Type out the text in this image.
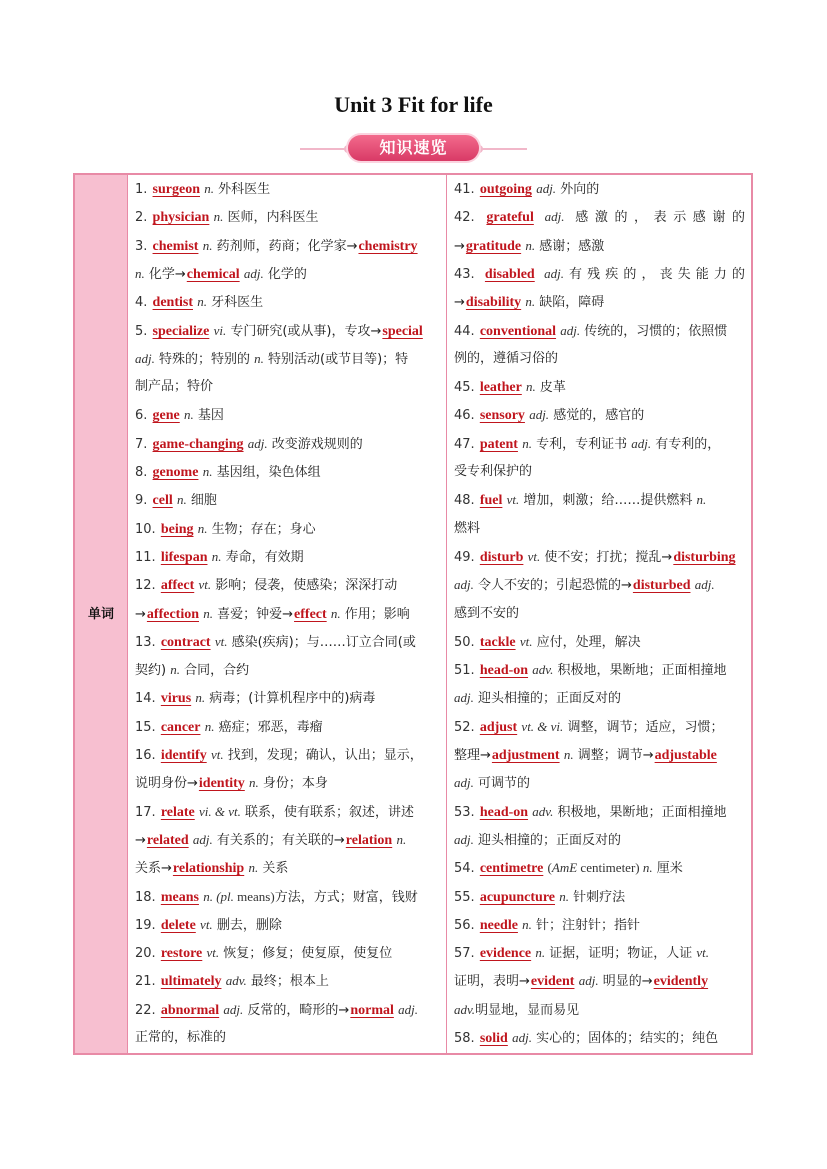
Unit 3 Fit for life
知识速览
单词
1. surgeon n. 外科医生
2. physician n. 医师，内科医生
3. chemist n. 药剂师，药商；化学家→chemistry
n. 化学→chemical adj. 化学的
4. dentist n. 牙科医生
5. specialize vi. 专门研究(或从事)，专攻→special
adj. 特殊的；特别的 n. 特别活动(或节目等)；特
制产品；特价
6. gene n. 基因
7. game-changing adj. 改变游戏规则的
8. genome n. 基因组，染色体组
9. cell n. 细胞
10. being n. 生物；存在；身心
11. lifespan n. 寿命，有效期
12. affect vt. 影响；侵袭，使感染；深深打动
→affection n. 喜爱；钟爱→effect n. 作用；影响
13. contract vt. 感染(疾病)；与……订立合同(或
契约) n. 合同，合约
14. virus n. 病毒；(计算机程序中的)病毒
15. cancer n. 癌症；邪恶，毒瘤
16. identify vt. 找到，发现；确认，认出；显示，
说明身份→identity n. 身份；本身
17. relate vi. & vt. 联系，使有联系；叙述，讲述
→related adj. 有关系的；有关联的→relation n.
关系→relationship n. 关系
18. means n. (pl. means)方法，方式；财富，钱财
19. delete vt. 删去，删除
20. restore vt. 恢复；修复；使复原，使复位
21. ultimately adv. 最终；根本上
22. abnormal adj. 反常的，畸形的→normal adj.
正常的，标准的
41. outgoing adj. 外向的
42. grateful adj. 感激的，表示感谢的
→gratitude n. 感谢；感激
43. disabled adj.有残疾的，丧失能力的
→disability n. 缺陷，障碍
44. conventional adj. 传统的，习惯的；依照惯
例的，遵循习俗的
45. leather n. 皮革
46. sensory adj. 感觉的，感官的
47. patent n. 专利，专利证书 adj. 有专利的，
受专利保护的
48. fuel vt. 增加，刺激；给……提供燃料 n.
燃料
49. disturb vt. 使不安；打扰；搅乱→disturbing
adj. 令人不安的；引起恐慌的→disturbed adj.
感到不安的
50. tackle vt. 应付，处理，解决
51. head-on adv. 积极地，果断地；正面相撞地
adj. 迎头相撞的；正面反对的
52. adjust vt. & vi. 调整，调节；适应，习惯；
整理→adjustment n. 调整；调节→adjustable
adj. 可调节的
53. head-on adv. 积极地，果断地；正面相撞地
adj. 迎头相撞的；正面反对的
54. centimetre (AmE centimeter) n. 厘米
55. acupuncture n. 针刺疗法
56. needle n. 针；注射针；指针
57. evidence n. 证据，证明；物证，人证 vt.
证明，表明→evident adj. 明显的→evidently
adv.明显地，显而易见
58. solid adj. 实心的；固体的；结实的；纯色
